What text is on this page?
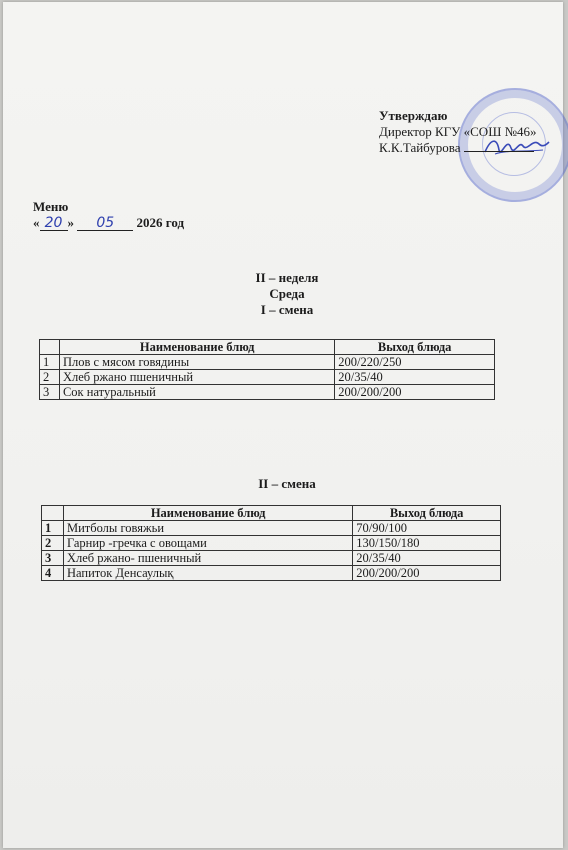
Утверждаю
Директор КГУ «СОШ №46»
К.К.Тайбурова
Меню
« 20 » 05 2026 год
II – неделя
Среда
I – смена
	Наименование блюд	Выход блюда
1	Плов с мясом говядины	200/220/250
2	Хлеб ржано пшеничный	20/35/40
3	Сок натуральный	200/200/200
II – смена
	Наименование блюд	Выход блюда
1	Митболы говяжьи	70/90/100
2	Гарнир -гречка с овощами	130/150/180
3	Хлеб ржано- пшеничный	20/35/40
4	Напиток Денсаулық	200/200/200
